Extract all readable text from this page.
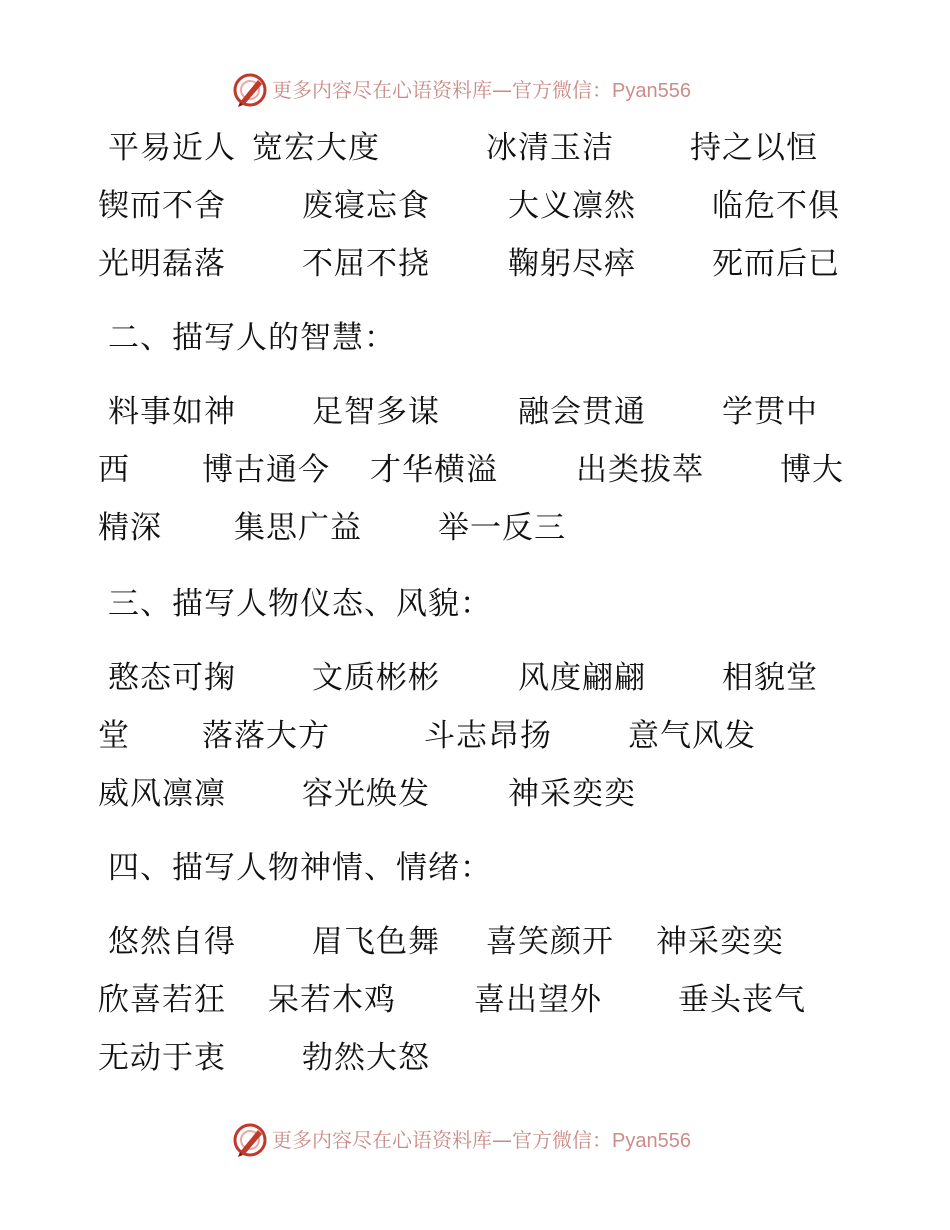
更多内容尽在心语资料库—官方微信：Pyan556
平易近人 宽宏大度	冰清玉洁 持之以恒
锲而不舍 废寝忘食	大义凛然 临危不俱
光明磊落 不屈不挠	鞠躬尽瘁 死而后已
二、描写人的智慧：
料事如神 足智多谋	融会贯通 学贯中
西 博古通今 才华横溢	出类拔萃 博大
精深 集思广益 举一反三
三、描写人物仪态、风貌：
憨态可掬 文质彬彬	风度翩翩 相貌堂
堂 落落大方	斗志昂扬 意气风发
威风凛凛 容光焕发	神采奕奕
四、描写人物神情、情绪：
悠然自得 眉飞色舞 喜笑颜开 神采奕奕
欣喜若狂 呆若木鸡	喜出望外 垂头丧气
无动于衷 勃然大怒
更多内容尽在心语资料库—官方微信：Pyan556
